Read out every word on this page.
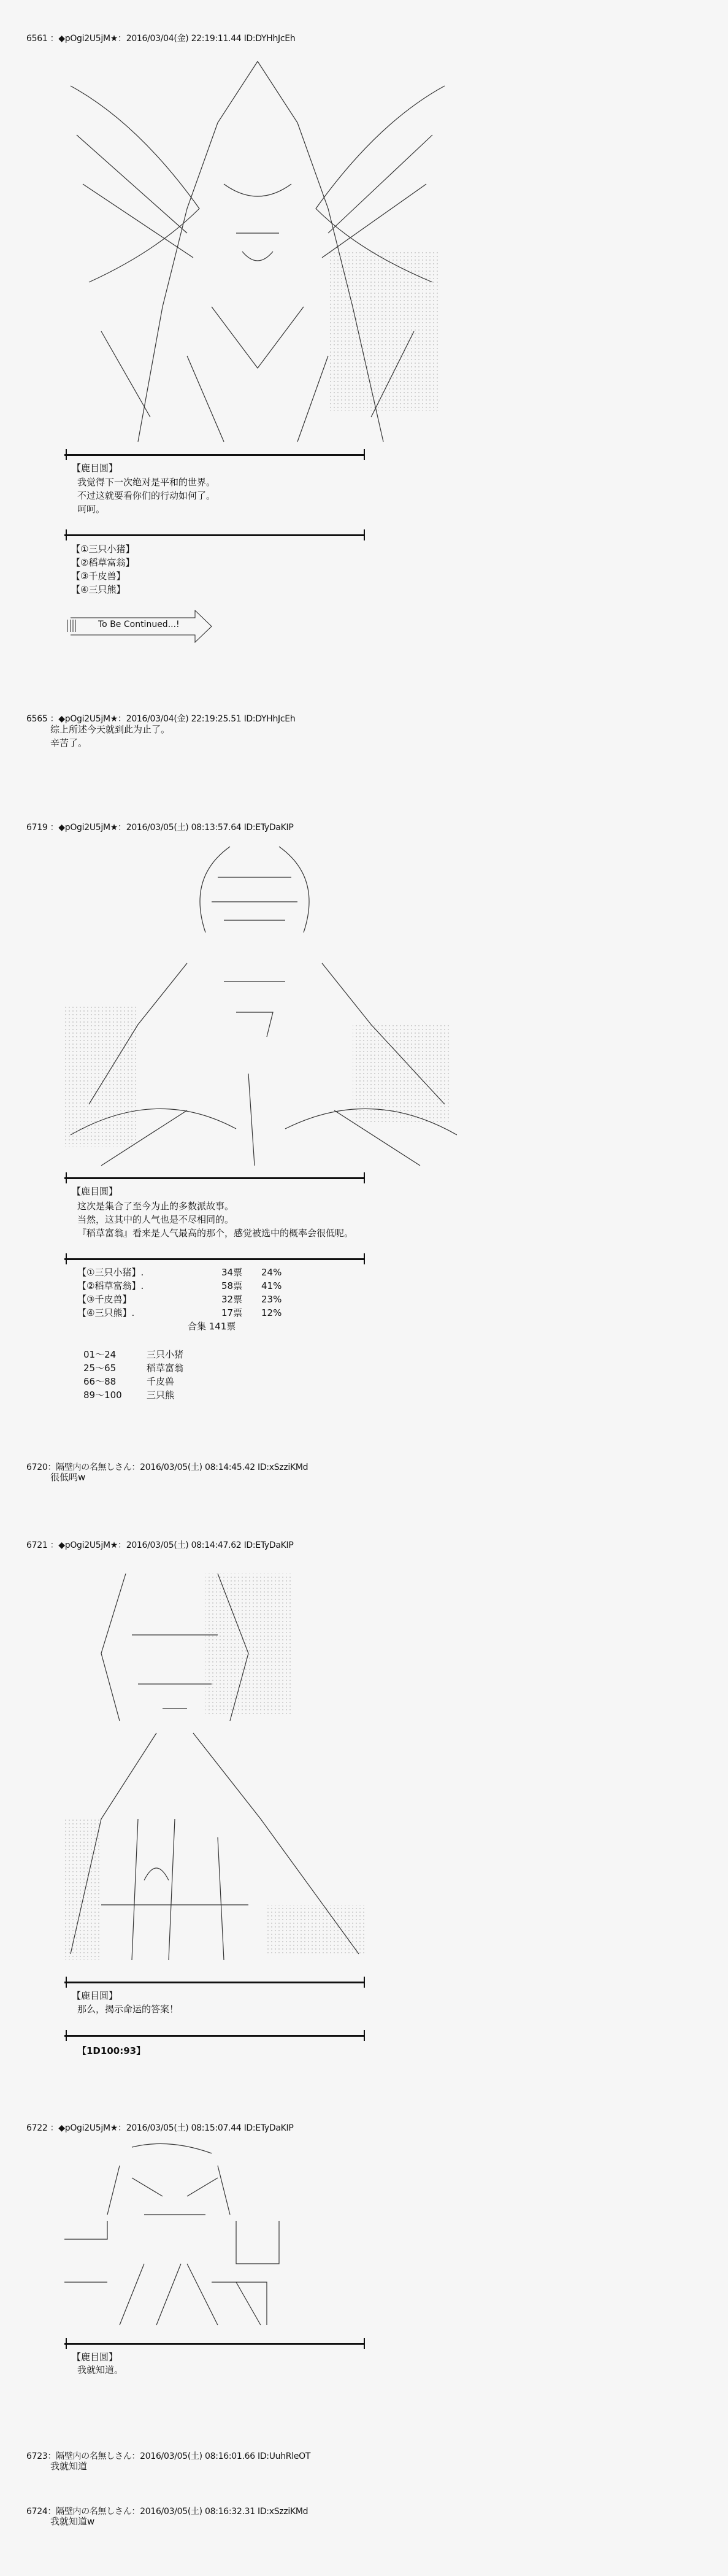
6561 ：◆pOgi2U5jM★：2016/03/04(金) 22:19:11.44 ID:DYHhJcEh
【鹿目圆】
我觉得下一次绝对是平和的世界。
不过这就要看你们的行动如何了。
呵呵。
【①三只小猪】
【②稻草富翁】
【③千皮兽】
【④三只熊】
To Be Continued...!
6565 ：◆pOgi2U5jM★：2016/03/04(金) 22:19:25.51 ID:DYHhJcEh
综上所述今天就到此为止了。
辛苦了。
6719 ：◆pOgi2U5jM★：2016/03/05(土) 08:13:57.64 ID:ETyDaKIP
【鹿目圆】
这次是集合了至今为止的多数派故事。
当然，这其中的人气也是不尽相同的。
『稻草富翁』看来是人气最高的那个，感觉被选中的概率会很低呢。
【①三只小猪】.	34票 24%
【②稻草富翁】.	58票 41%
【③千皮兽】	32票 23%
【④三只熊】.	17票 12%
合集 141票
01～24	三只小猪
25～65	稻草富翁
66～88	千皮兽
89～100	三只熊
6720：隔壁内の名無しさん：2016/03/05(土) 08:14:45.42 ID:xSzziKMd
很低吗w
6721 ：◆pOgi2U5jM★：2016/03/05(土) 08:14:47.62 ID:ETyDaKIP
【鹿目圆】
那么，揭示命运的答案！
【1D100:93】
6722 ：◆pOgi2U5jM★：2016/03/05(土) 08:15:07.44 ID:ETyDaKIP
【鹿目圆】
我就知道。
6723：隔壁内の名無しさん：2016/03/05(土) 08:16:01.66 ID:UuhRleOT
我就知道
6724：隔壁内の名無しさん：2016/03/05(土) 08:16:32.31 ID:xSzziKMd
我就知道w
